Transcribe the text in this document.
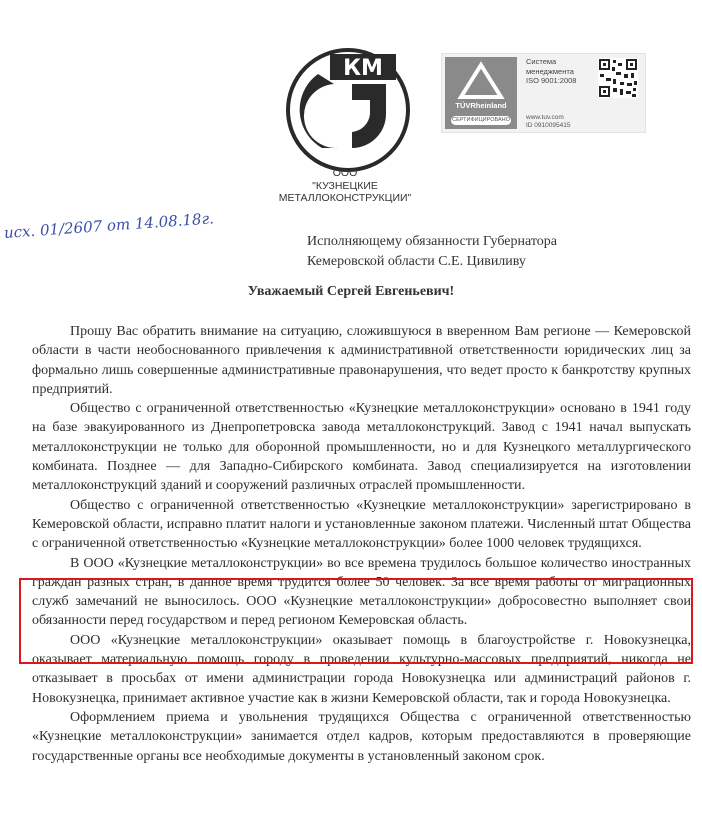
КМ
ООО
"КУЗНЕЦКИЕ
МЕТАЛЛОКОНСТРУКЦИИ"
TÜVRheinland
СЕРТИФИЦИРОВАНО
Система
менеджмента
ISO 9001:2008
www.tuv.com
ID 0910095415
исх. 01/2607 от 14.08.18г.	Исполняющему обязанности Губернатора
Кемеровской области С.Е. Цивиливу
Уважаемый Сергей Евгеньевич!

Прошу Вас обратить внимание на ситуацию, сложившуюся в вверенном Вам регионе — Кемеровской области в части необоснованного привлечения к административной ответственности юридических лиц за формально лишь совершенные административные правонарушения, что ведет просто к банкротству крупных предприятий.

Общество с ограниченной ответственностью «Кузнецкие металлоконструкции» основано в 1941 году на базе эвакуированного из Днепропетровска завода металлоконструкций. Завод с 1941 начал выпускать металлоконструкции не только для оборонной промышленности, но и для Кузнецкого металлургического комбината. Позднее — для Западно-Сибирского комбината. Завод специализируется на изготовлении металлоконструкций зданий и сооружений различных отраслей промышленности.

Общество с ограниченной ответственностью «Кузнецкие металлоконструкции» зарегистрировано в Кемеровской области, исправно платит налоги и установленные законом платежи. Численный штат Общества с ограниченной ответственностью «Кузнецкие металлоконструкции» более 1000 человек трудящихся.

В ООО «Кузнецкие металлоконструкции» во все времена трудилось большое количество иностранных граждан разных стран, в данное время трудится более 50 человек. За все время работы от миграционных служб замечаний не выносилось. ООО «Кузнецкие металлоконструкции» добросовестно выполняет свои обязанности перед государством и перед регионом Кемеровская область.

ООО «Кузнецкие металлоконструкции» оказывает помощь в благоустройстве г. Новокузнецка, оказывает материальную помощь городу в проведении культурно-массовых предприятий, никогда не отказывает в просьбах от имени администрации города Новокузнецка или администраций районов г. Новокузнецка, принимает активное участие как в жизни Кемеровской области, так и города Новокузнецка.

Оформлением приема и увольнения трудящихся Общества с ограниченной ответственностью «Кузнецкие металлоконструкции» занимается отдел кадров, которым предоставляются в проверяющие государственные органы все необходимые документы в установленный законом срок.
